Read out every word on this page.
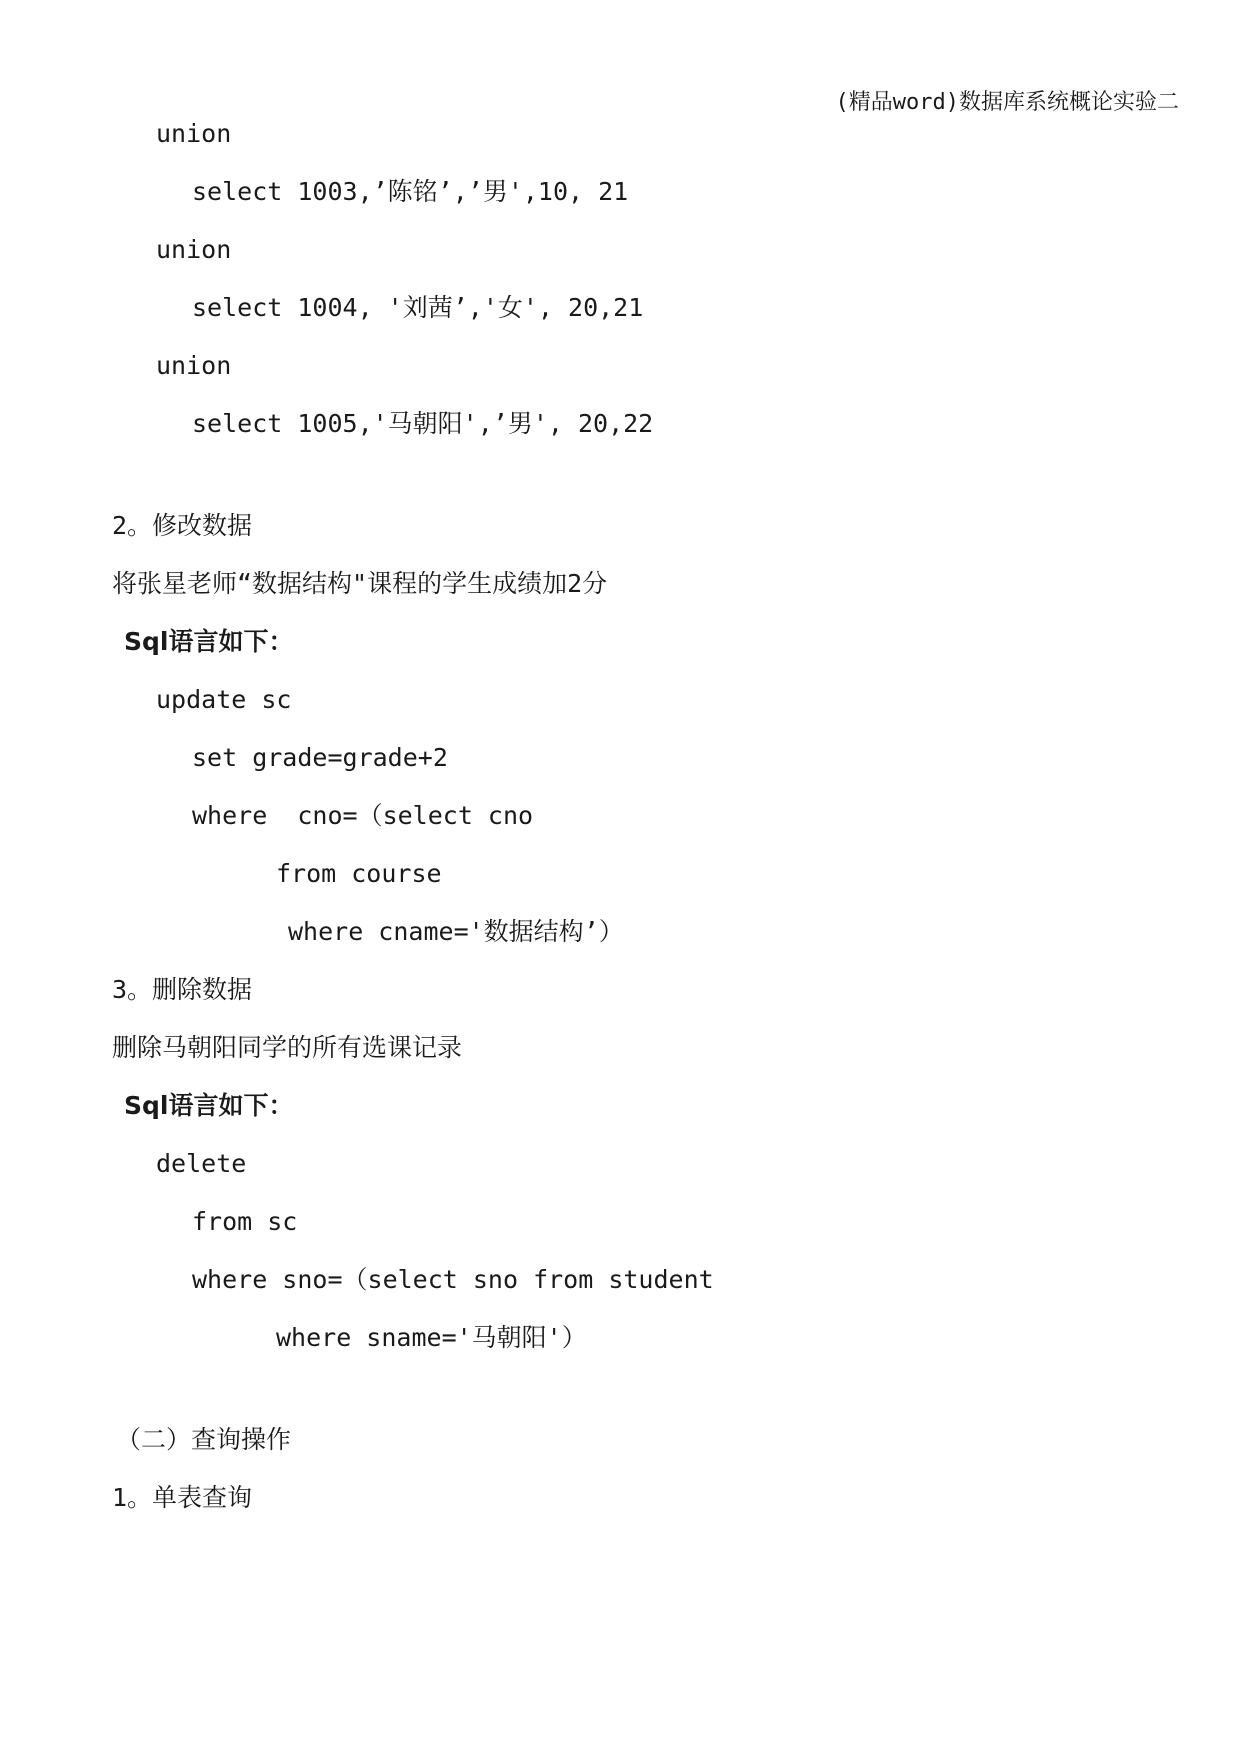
(精品word)数据库系统概论实验二
union
select 1003,’陈铭’,’男',10, 21
union
select 1004, '刘茜’,'女', 20,21
union
select 1005,'马朝阳',’男', 20,22
2。修改数据
将张星老师“数据结构"课程的学生成绩加2分
Sql语言如下：
update sc
set grade=grade+2
where  cno=（select cno
from course
where cname='数据结构’）
3。删除数据
删除马朝阳同学的所有选课记录
Sql语言如下：
delete
from sc
where sno=（select sno from student
where sname='马朝阳'）
（二）查询操作
1。单表查询
